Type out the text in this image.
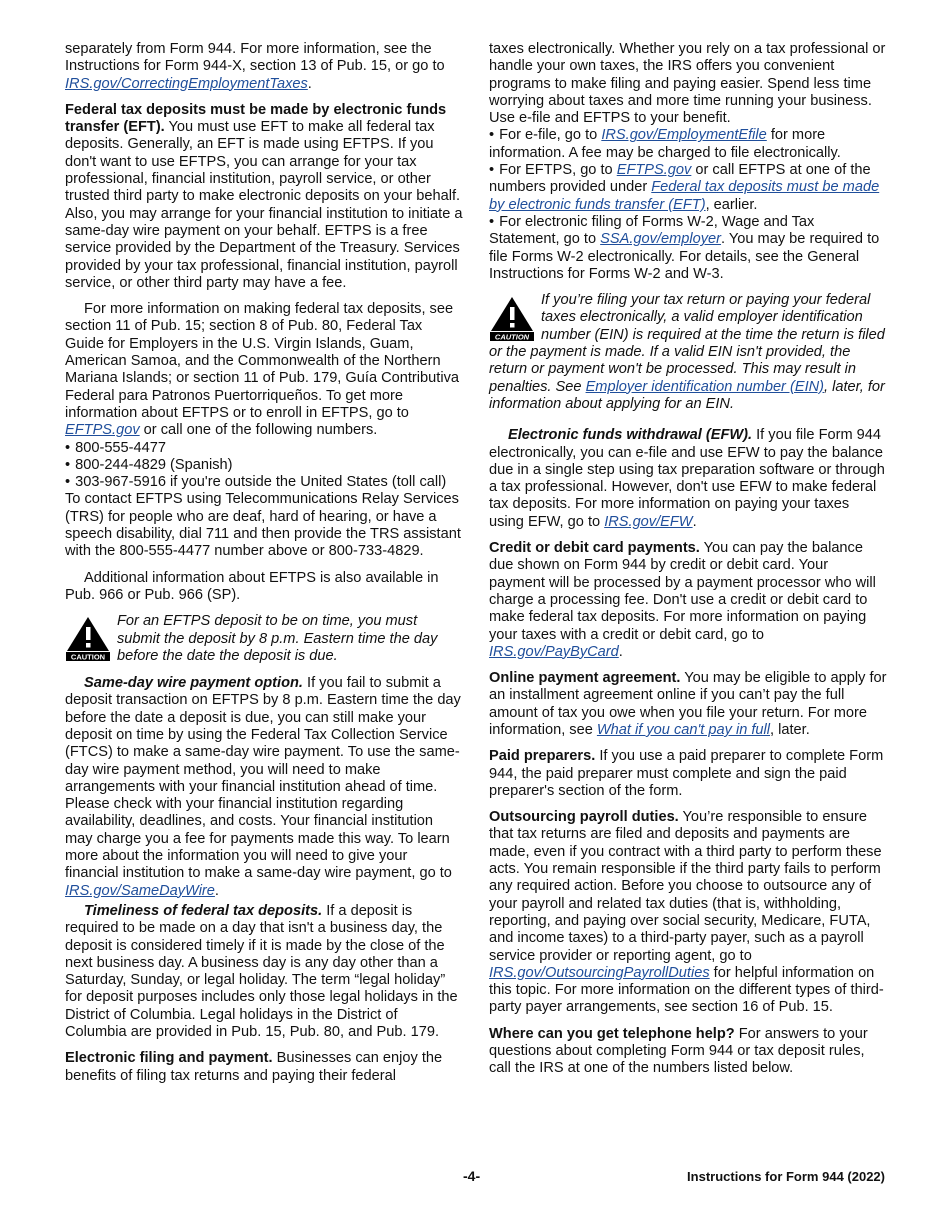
separately from Form 944. For more information, see the Instructions for Form 944-X, section 13 of Pub. 15, or go to IRS.gov/CorrectingEmploymentTaxes.

Federal tax deposits must be made by electronic funds transfer (EFT). You must use EFT to make all federal tax deposits. Generally, an EFT is made using EFTPS. If you don't want to use EFTPS, you can arrange for your tax professional, financial institution, payroll service, or other trusted third party to make electronic deposits on your behalf. Also, you may arrange for your financial institution to initiate a same-day wire payment on your behalf. EFTPS is a free service provided by the Department of the Treasury. Services provided by your tax professional, financial institution, payroll service, or other third party may have a fee.

For more information on making federal tax deposits, see section 11 of Pub. 15; section 8 of Pub. 80, Federal Tax Guide for Employers in the U.S. Virgin Islands, Guam, American Samoa, and the Commonwealth of the Northern Mariana Islands; or section 11 of Pub. 179, Guía Contributiva Federal para Patronos Puertorriqueños. To get more information about EFTPS or to enroll in EFTPS, go to EFTPS.gov or call one of the following numbers.

• 800-555-4477

• 800-244-4829 (Spanish)

• 303-967-5916 if you're outside the United States (toll call)

To contact EFTPS using Telecommunications Relay Services (TRS) for people who are deaf, hard of hearing, or have a speech disability, dial 711 and then provide the TRS assistant with the 800-555-4477 number above or 800-733-4829.

Additional information about EFTPS is also available in Pub. 966 or Pub. 966 (SP).

CAUTION
For an EFTPS deposit to be on time, you must submit the deposit by 8 p.m. Eastern time the day before the date the deposit is due.

Same-day wire payment option. If you fail to submit a deposit transaction on EFTPS by 8 p.m. Eastern time the day before the date a deposit is due, you can still make your deposit on time by using the Federal Tax Collection Service (FTCS) to make a same-day wire payment. To use the same-day wire payment method, you will need to make arrangements with your financial institution ahead of time. Please check with your financial institution regarding availability, deadlines, and costs. Your financial institution may charge you a fee for payments made this way. To learn more about the information you will need to give your financial institution to make a same-day wire payment, go to IRS.gov/SameDayWire.

Timeliness of federal tax deposits. If a deposit is required to be made on a day that isn't a business day, the deposit is considered timely if it is made by the close of the next business day. A business day is any day other than a Saturday, Sunday, or legal holiday. The term “legal holiday” for deposit purposes includes only those legal holidays in the District of Columbia. Legal holidays in the District of Columbia are provided in Pub. 15, Pub. 80, and Pub. 179.

Electronic filing and payment. Businesses can enjoy the benefits of filing tax returns and paying their federal

taxes electronically. Whether you rely on a tax professional or handle your own taxes, the IRS offers you convenient programs to make filing and paying easier. Spend less time worrying about taxes and more time running your business. Use e-file and EFTPS to your benefit.

• For e-file, go to IRS.gov/EmploymentEfile for more information. A fee may be charged to file electronically.

• For EFTPS, go to EFTPS.gov or call EFTPS at one of the numbers provided under Federal tax deposits must be made by electronic funds transfer (EFT), earlier.

• For electronic filing of Forms W-2, Wage and Tax Statement, go to SSA.gov/employer. You may be required to file Forms W-2 electronically. For details, see the General Instructions for Forms W-2 and W-3.

CAUTION
If you’re filing your tax return or paying your federal taxes electronically, a valid employer identification number (EIN) is required at the time the return is filed or the payment is made. If a valid EIN isn't provided, the return or payment won't be processed. This may result in penalties. See Employer identification number (EIN), later, for information about applying for an EIN.

Electronic funds withdrawal (EFW). If you file Form 944 electronically, you can e-file and use EFW to pay the balance due in a single step using tax preparation software or through a tax professional. However, don't use EFW to make federal tax deposits. For more information on paying your taxes using EFW, go to IRS.gov/EFW.

Credit or debit card payments. You can pay the balance due shown on Form 944 by credit or debit card. Your payment will be processed by a payment processor who will charge a processing fee. Don't use a credit or debit card to make federal tax deposits. For more information on paying your taxes with a credit or debit card, go to IRS.gov/PayByCard.

Online payment agreement. You may be eligible to apply for an installment agreement online if you can’t pay the full amount of tax you owe when you file your return. For more information, see What if you can't pay in full, later.

Paid preparers. If you use a paid preparer to complete Form 944, the paid preparer must complete and sign the paid preparer's section of the form.

Outsourcing payroll duties. You’re responsible to ensure that tax returns are filed and deposits and payments are made, even if you contract with a third party to perform these acts. You remain responsible if the third party fails to perform any required action. Before you choose to outsource any of your payroll and related tax duties (that is, withholding, reporting, and paying over social security, Medicare, FUTA, and income taxes) to a third-party payer, such as a payroll service provider or reporting agent, go to IRS.gov/OutsourcingPayrollDuties for helpful information on this topic. For more information on the different types of third-party payer arrangements, see section 16 of Pub. 15.

Where can you get telephone help? For answers to your questions about completing Form 944 or tax deposit rules, call the IRS at one of the numbers listed below.

-4-	Instructions for Form 944 (2022)
